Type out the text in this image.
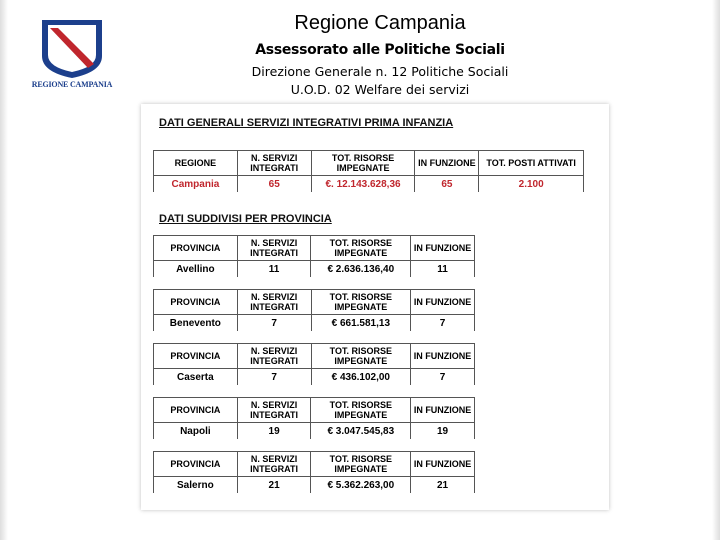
REGIONE CAMPANIA
Regione Campania
Assessorato alle Politiche Sociali
Direzione Generale n. 12 Politiche Sociali
U.O.D. 02 Welfare dei servizi
DATI GENERALI SERVIZI INTEGRATIVI PRIMA INFANZIA
REGIONE	N. SERVIZI INTEGRATI	TOT. RISORSE IMPEGNATE	IN FUNZIONE	TOT. POSTI ATTIVATI
Campania	65	€. 12.143.628,36	65	2.100
DATI SUDDIVISI PER PROVINCIA
PROVINCIA	N. SERVIZI INTEGRATI	TOT. RISORSE IMPEGNATE	IN FUNZIONE
Avellino	11	€ 2.636.136,40	11
PROVINCIA	N. SERVIZI INTEGRATI	TOT. RISORSE IMPEGNATE	IN FUNZIONE
Benevento	7	€ 661.581,13	7
PROVINCIA	N. SERVIZI INTEGRATI	TOT. RISORSE IMPEGNATE	IN FUNZIONE
Caserta	7	€ 436.102,00	7
PROVINCIA	N. SERVIZI INTEGRATI	TOT. RISORSE IMPEGNATE	IN FUNZIONE
Napoli	19	€ 3.047.545,83	19
PROVINCIA	N. SERVIZI INTEGRATI	TOT. RISORSE IMPEGNATE	IN FUNZIONE
Salerno	21	€ 5.362.263,00	21
